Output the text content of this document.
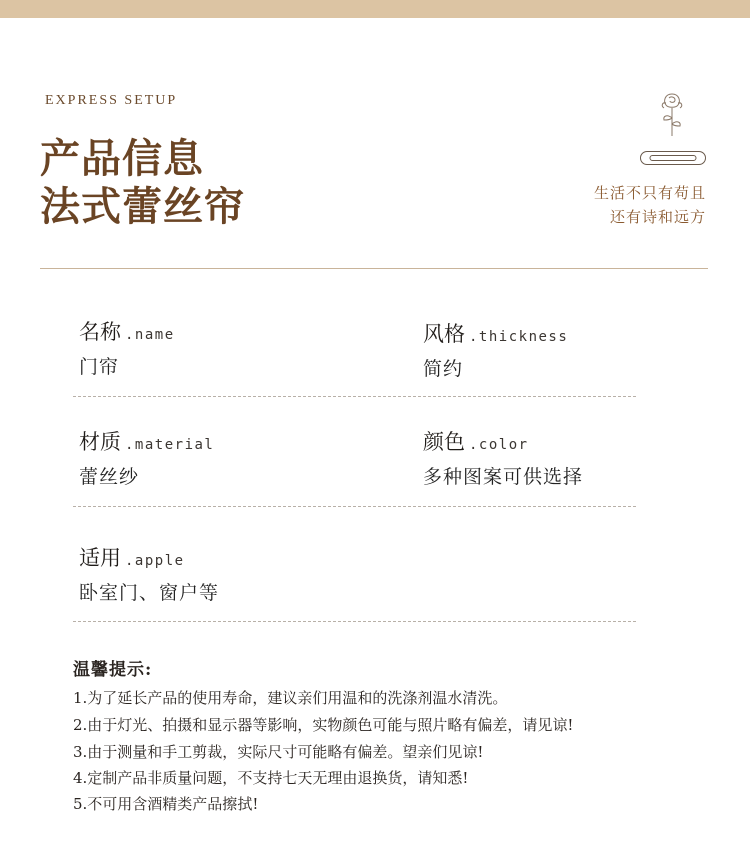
EXPRESS SETUP
产品信息
法式蕾丝帘	生活不只有苟且
还有诗和远方
名称 .name
门帘
风格 .thickness
简约
材质 .material
蕾丝纱
颜色 .color
多种图案可供选择
适用 .apple
卧室门、窗户等
温馨提示:
1.为了延长产品的使用寿命，建议亲们用温和的洗涤剂温水清洗。
2.由于灯光、拍摄和显示器等影响，实物颜色可能与照片略有偏差，请见谅!
3.由于测量和手工剪裁，实际尺寸可能略有偏差。望亲们见谅!
4.定制产品非质量问题，不支持七天无理由退换货，请知悉!
5.不可用含酒精类产品擦拭!
